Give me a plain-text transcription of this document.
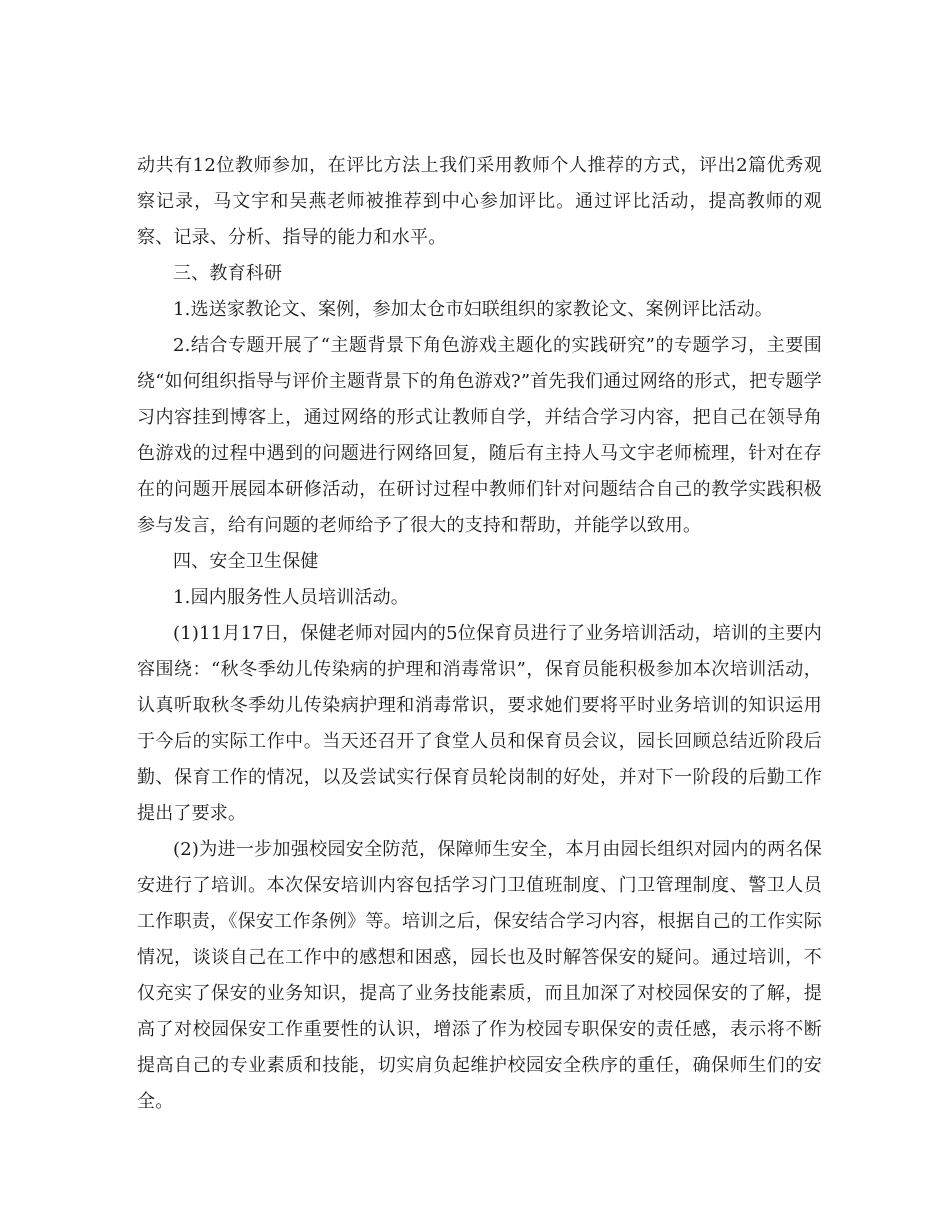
动共有12位教师参加，在评比方法上我们采用教师个人推荐的方式，评出2篇优秀观察记录，马文宇和吴燕老师被推荐到中心参加评比。通过评比活动，提高教师的观察、记录、分析、指导的能力和水平。

三、教育科研

1.选送家教论文、案例，参加太仓市妇联组织的家教论文、案例评比活动。

2.结合专题开展了“主题背景下角色游戏主题化的实践研究”的专题学习，主要围绕“如何组织指导与评价主题背景下的角色游戏?”首先我们通过网络的形式，把专题学习内容挂到博客上，通过网络的形式让教师自学，并结合学习内容，把自己在领导角色游戏的过程中遇到的问题进行网络回复，随后有主持人马文宇老师梳理，针对在存在的问题开展园本研修活动，在研讨过程中教师们针对问题结合自己的教学实践积极参与发言，给有问题的老师给予了很大的支持和帮助，并能学以致用。

四、安全卫生保健

1.园内服务性人员培训活动。

(1)11月17日，保健老师对园内的5位保育员进行了业务培训活动，培训的主要内容围绕：“秋冬季幼儿传染病的护理和消毒常识”，保育员能积极参加本次培训活动，认真听取秋冬季幼儿传染病护理和消毒常识，要求她们要将平时业务培训的知识运用于今后的实际工作中。当天还召开了食堂人员和保育员会议，园长回顾总结近阶段后勤、保育工作的情况，以及尝试实行保育员轮岗制的好处，并对下一阶段的后勤工作提出了要求。

(2)为进一步加强校园安全防范，保障师生安全，本月由园长组织对园内的两名保安进行了培训。本次保安培训内容包括学习门卫值班制度、门卫管理制度、警卫人员工作职责，《保安工作条例》等。培训之后，保安结合学习内容，根据自己的工作实际情况，谈谈自己在工作中的感想和困惑，园长也及时解答保安的疑问。通过培训，不仅充实了保安的业务知识，提高了业务技能素质，而且加深了对校园保安的了解，提高了对校园保安工作重要性的认识，增添了作为校园专职保安的责任感，表示将不断提高自己的专业素质和技能，切实肩负起维护校园安全秩序的重任，确保师生们的安全。
